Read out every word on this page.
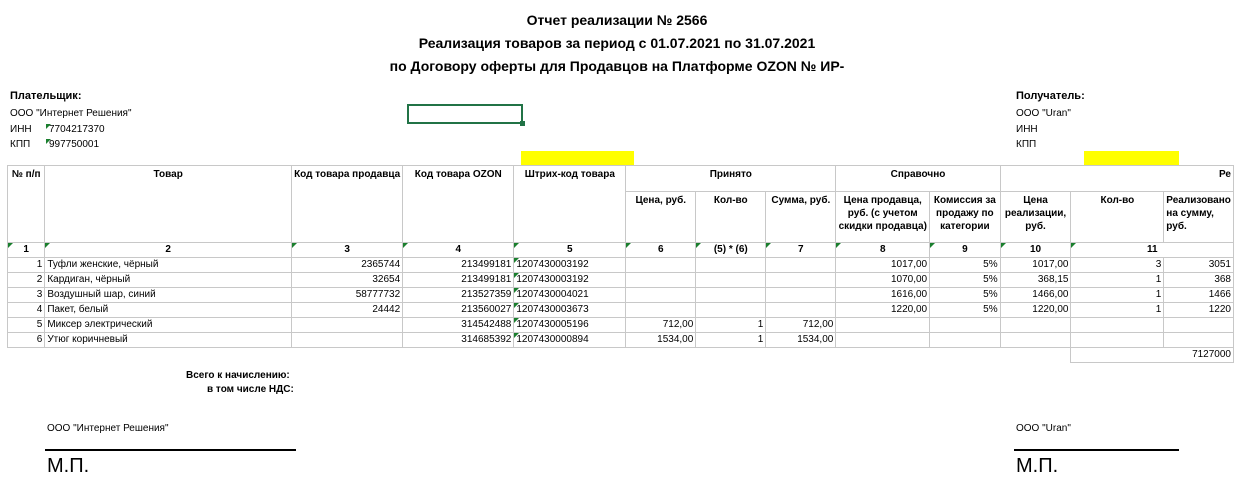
Отчет реализации № 2566
Реализация товаров за период с 01.07.2021 по 31.07.2021
по Договору оферты для Продавцов на Платформе OZON № ИР-
Плательщик:
ООО "Интернет Решения"
ИНН	7704217370
КПП	997750001
Получатель:
ООО "Uran"
ИНН
КПП
№ п/п	Товар	Код товара продавца	Код товара OZON	Штрих-код товара	Принято			Справочно		Ре		
					Цена, руб.	Кол-во	Сумма, руб.	Цена продавца, руб. (с учетом скидки продавца)	Комиссия за продажу по категории	Цена реализации, руб.	Кол-во	Реализовано на сумму, руб.
1	2	3	4	5	6	(5) * (6)	7	8	9	10	11	
1	Туфли женские, чёрный	2365744	213499181	1207430003192				1017,00	5%	1017,00	3	3051
2	Кардиган, чёрный	32654	213499181	1207430003192				1070,00	5%	368,15	1	368
3	Воздушный шар, синий	58777732	213527359	1207430004021				1616,00	5%	1466,00	1	1466
4	Пакет, белый	24442	213560027	1207430003673				1220,00	5%	1220,00	1	1220
5	Миксер электрический		314542488	1207430005196	712,00	1	712,00					
6	Утюг коричневый		314685392	1207430000894	1534,00	1	1534,00					
											7127000	
Всего к начислению:
в том числе НДС:
ООО "Интернет Решения"
М.П.
ООО "Uran"
М.П.
